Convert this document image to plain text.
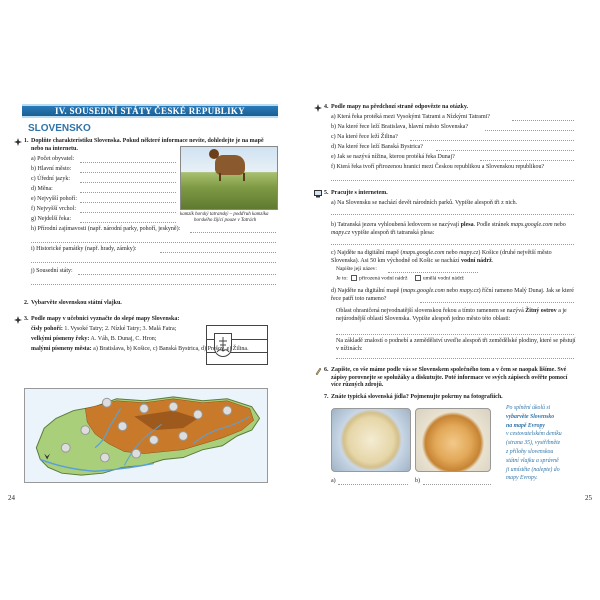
IV. SOUSEDNÍ STÁTY ČESKÉ REPUBLIKY
SLOVENSKO
1. Doplňte charakteristiku Slovenska. Pokud některé informace nevíte, dohledejte je na mapě
nebo na internetu.
a) Počet obyvatel:
b) Hlavní město:
c) Úřední jazyk:
d) Měna:
e) Nejvyšší pohoří:
f) Nejvyšší vrchol:
g) Nejdelší řeka:
h) Přírodní zajímavosti (např. národní parky, pohoří, jeskyně):
i) Historické památky (např. hrady, zámky):
j) Sousední státy:
kamzík horský tatranský – podďruh kamzíka
horského žijící pouze v Tatrách
2. Vybarvěte slovenskou státní vlajku.
3. Podle mapy v učebnici vyznačte do slepé mapy Slovenska:
čísly pohoří: 1. Vysoké Tatry; 2. Nízké Tatry; 3. Malá Fatra;
velkými písmeny řeky: A. Váh, B. Dunaj, C. Hron;
malými písmeny města: a) Bratislava, b) Košice, c) Banská Bystrica, d) Prešov, e) Žilina.
24
4. Podle mapy na předchozí straně odpovězte na otázky.
a) Která řeka protéká mezi Vysokými Tatrami a Nízkými Tatrami?
b) Na které řece leží Bratislava, hlavní město Slovenska?
c) Na které řece leží Žilina?
d) Na které řece leží Banská Bystrica?
e) Jak se nazývá nížina, kterou protéká řeka Dunaj?
f) Která řeka tvoří přirozenou hranici mezi Českou republikou a Slovenskou republikou?
5. Pracujte s internetem.
a) Na Slovensku se nachází devět národních parků. Vypište alespoň tři z nich.
b) Tatranská jezera vyhloubená ledovcem se nazývají plesa. Podle stránek maps.google.com nebo mapy.cz vypište alespoň tři tatranská plesa:
c) Najděte na digitální mapě (maps.google.com nebo mapy.cz) Košice (druhé největší město Slovenska). Asi 50 km východně od Košic se nachází vodní nádrž.
Napište její název:
Je to: přirozená vodní nádrž	umělá vodní nádrž
d) Najděte na digitální mapě (maps.google.com nebo mapy.cz) říční rameno Malý Dunaj. Jak se které řece patří toto rameno?
Oblast ohraničená nejvodnatější slovenskou řekou a tímto ramenem se nazývá Žitný ostrov a je nejúrodnější oblastí Slovenska. Vypište alespoň jedno město této oblasti:
Na základě znalostí o podnebí a zemědělství uveďte alespoň tři zemědělské plodiny, které se pěstují v nížinách:
6. Zapište, co vše máme podle vás se Slovenskem společného tom a v čem se naopak lišíme. Své zápisy porovnejte se spolužáky a diskutujte. Poté informace ve svých zápisech ověřte pomocí více různých zdrojů.
7. Znáte typická slovenská jídla? Pojmenujte pokrmy na fotografiích.
a)	b)
Po splnění úkolů si
vybarvěte Slovensko
na mapě Evropy
v cestovatelském deníku
(strana 35), vystřihněte
z přílohy slovenskou
státní vlajku a správně
ji umístěte (nalepte) do
mapy Evropy.
25
